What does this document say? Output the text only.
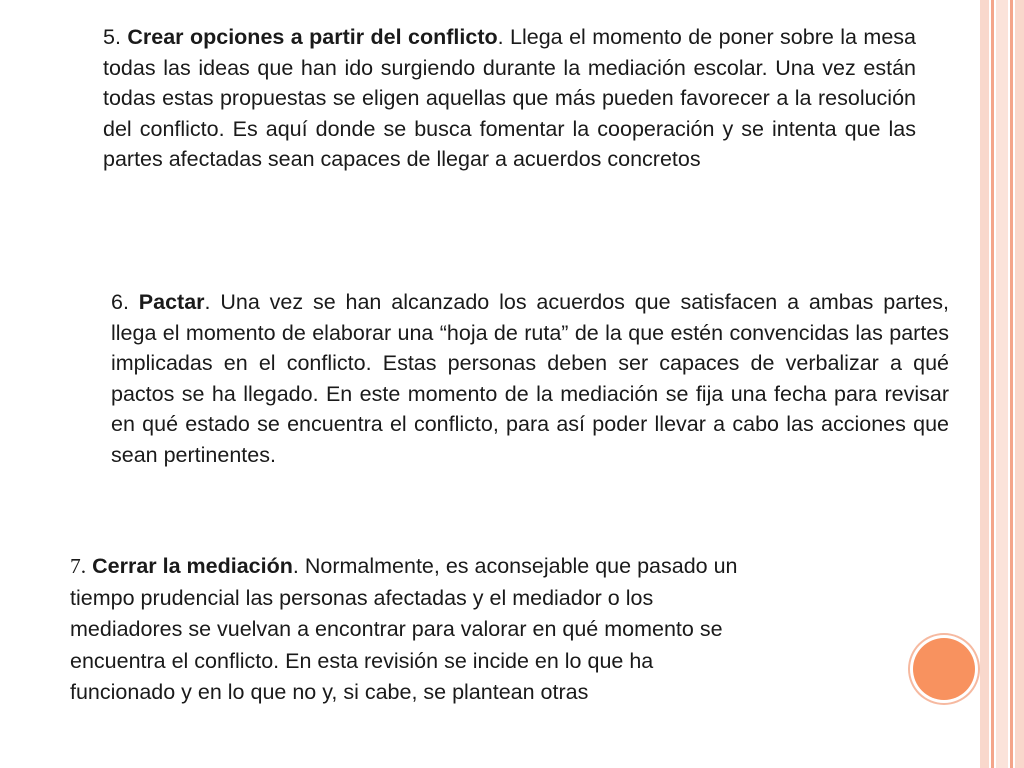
5. Crear opciones a partir del conflicto. Llega el momento de poner sobre la mesa todas las ideas que han ido surgiendo durante la mediación escolar. Una vez están todas estas propuestas se eligen aquellas que más pueden favorecer a la resolución del conflicto. Es aquí donde se busca fomentar la cooperación y se intenta que las partes afectadas sean capaces de llegar a acuerdos concretos

6. Pactar. Una vez se han alcanzado los acuerdos que satisfacen a ambas partes, llega el momento de elaborar una “hoja de ruta” de la que estén convencidas las partes implicadas en el conflicto. Estas personas deben ser capaces de verbalizar a qué pactos se ha llegado. En este momento de la mediación se fija una fecha para revisar en qué estado se encuentra el conflicto, para así poder llevar a cabo las acciones que sean pertinentes.

7. Cerrar la mediación. Normalmente, es aconsejable que pasado un
tiempo prudencial las personas afectadas y el mediador o los
mediadores se vuelvan a encontrar para valorar en qué momento se
encuentra el conflicto. En esta revisión se incide en lo que ha
funcionado y en lo que no y, si cabe, se plantean otras
